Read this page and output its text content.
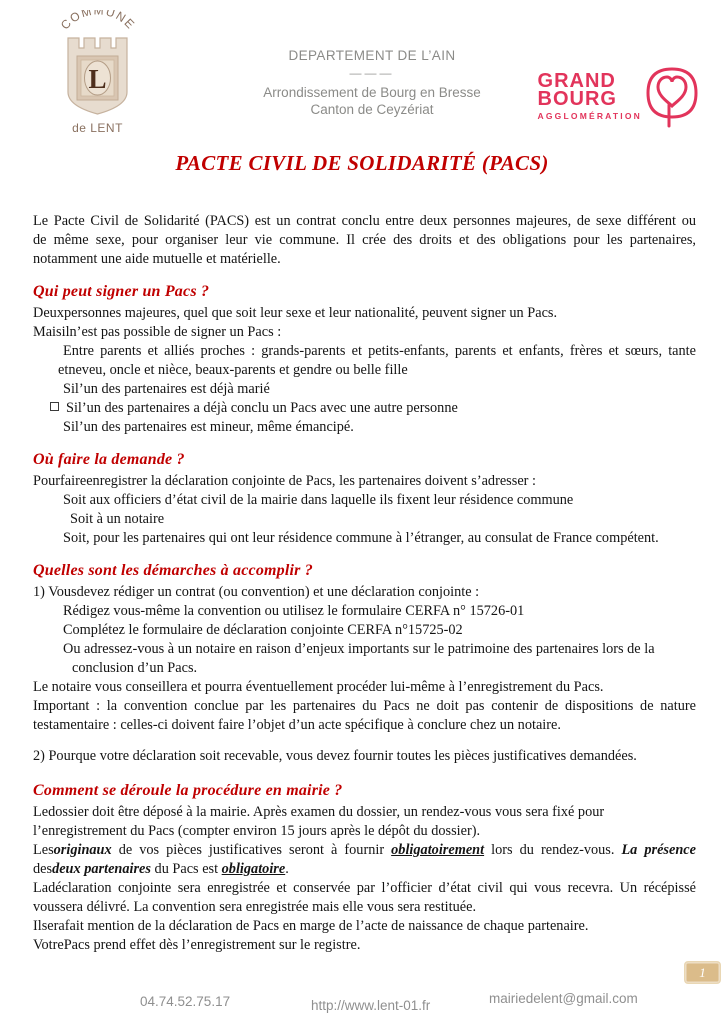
COMMUNE
L
de LENT
DEPARTEMENT DE L’AIN
———
Arrondissement de Bourg en Bresse
Canton de Ceyzériat
GRAND
BOURG
AGGLOMÉRATION
PACTE CIVIL DE SOLIDARITÉ (PACS)
Le Pacte Civil de Solidarité (PACS) est un contrat conclu entre deux personnes majeures, de sexe différent ou
de même sexe, pour organiser leur vie commune. Il crée des droits et des obligations pour les partenaires,
notamment une aide mutuelle et matérielle.
Qui peut signer un Pacs ?
Deuxpersonnes majeures, quel que soit leur sexe et leur nationalité, peuvent signer un Pacs.
Maisiln’est pas possible de signer un Pacs :
Entre parents et alliés proches : grands-parents et petits-enfants, parents et enfants, frères et sœurs, tante
etneveu, oncle et nièce, beaux-parents et gendre ou belle fille
Sil’un des partenaires est déjà marié
Sil’un des partenaires a déjà conclu un Pacs avec une autre personne
Sil’un des partenaires est mineur, même émancipé.
Où faire la demande ?
Pourfaireenregistrer la déclaration conjointe de Pacs, les partenaires doivent s’adresser :
Soit aux officiers d’état civil de la mairie dans laquelle ils fixent leur résidence commune
Soit à un notaire
Soit, pour les partenaires qui ont leur résidence commune à l’étranger, au consulat de France compétent.
Quelles sont les démarches à accomplir ?
1) Vousdevez rédiger un contrat (ou convention) et une déclaration conjointe :
Rédigez vous-même la convention ou utilisez le formulaire CERFA n° 15726-01
Complétez le formulaire de déclaration conjointe CERFA n°15725-02
Ou adressez-vous à un notaire en raison d’enjeux importants sur le patrimoine des partenaires lors de la
conclusion d’un Pacs.
Le notaire vous conseillera et pourra éventuellement procéder lui-même à l’enregistrement du Pacs.
Important : la convention conclue par les partenaires du Pacs ne doit pas contenir de dispositions de nature
testamentaire : celles-ci doivent faire l’objet d’un acte spécifique à conclure chez un notaire.
2) Pourque votre déclaration soit recevable, vous devez fournir toutes les pièces justificatives demandées.
Comment se déroule la procédure en mairie ?
Ledossier doit être déposé à la mairie. Après examen du dossier, un rendez-vous vous sera fixé pour
l’enregistrement du Pacs (compter environ 15 jours après le dépôt du dossier).
Lesoriginaux de vos pièces justificatives seront à fournir obligatoirement lors du rendez-vous. La présence
desdeux partenaires du Pacs est obligatoire.
Ladéclaration conjointe sera enregistrée et conservée par l’officier d’état civil qui vous recevra. Un récépissé
voussera délivré. La convention sera enregistrée mais elle vous sera restituée.
Ilserafait mention de la déclaration de Pacs en marge de l’acte de naissance de chaque partenaire.
VotrePacs prend effet dès l’enregistrement sur le registre.
1
04.74.52.75.17	http://www.lent-01.fr	mairiedelent@gmail.com
